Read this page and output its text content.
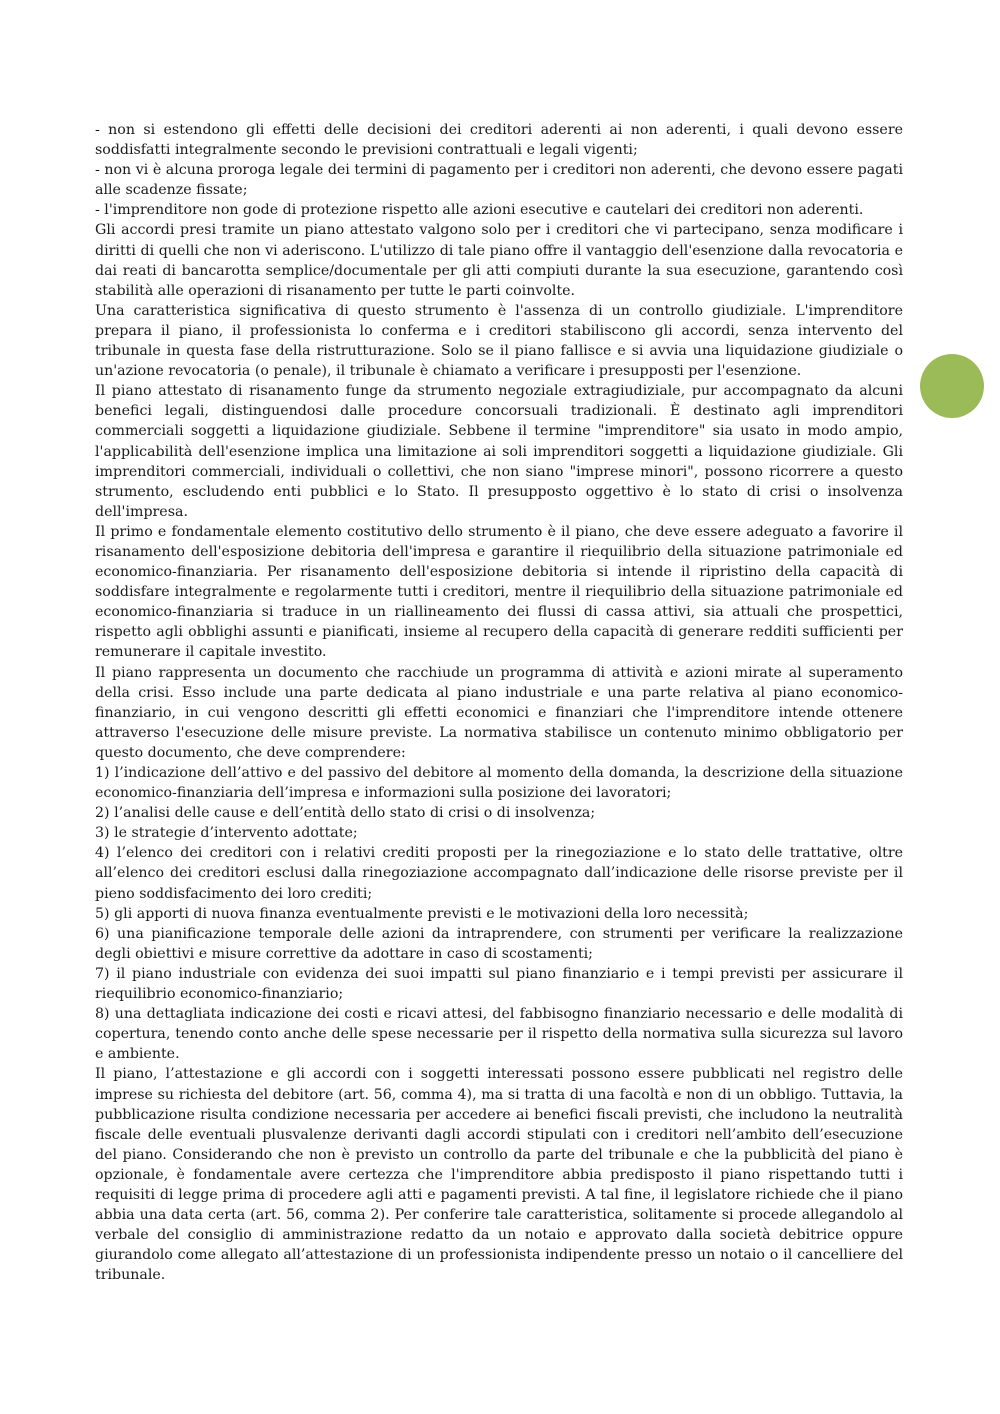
- non si estendono gli effetti delle decisioni dei creditori aderenti ai non aderenti, i quali devono essere soddisfatti integralmente secondo le previsioni contrattuali e legali vigenti;

- non vi è alcuna proroga legale dei termini di pagamento per i creditori non aderenti, che devono essere pagati alle scadenze fissate;

- l'imprenditore non gode di protezione rispetto alle azioni esecutive e cautelari dei creditori non aderenti.

Gli accordi presi tramite un piano attestato valgono solo per i creditori che vi partecipano, senza modificare i diritti di quelli che non vi aderiscono. L'utilizzo di tale piano offre il vantaggio dell'esenzione dalla revocatoria e dai reati di bancarotta semplice/documentale per gli atti compiuti durante la sua esecuzione, garantendo così stabilità alle operazioni di risanamento per tutte le parti coinvolte.

Una caratteristica significativa di questo strumento è l'assenza di un controllo giudiziale. L'imprenditore prepara il piano, il professionista lo conferma e i creditori stabiliscono gli accordi, senza intervento del tribunale in questa fase della ristrutturazione. Solo se il piano fallisce e si avvia una liquidazione giudiziale o un'azione revocatoria (o penale), il tribunale è chiamato a verificare i presupposti per l'esenzione.

Il piano attestato di risanamento funge da strumento negoziale extragiudiziale, pur accompagnato da alcuni benefici legali, distinguendosi dalle procedure concorsuali tradizionali. È destinato agli imprenditori commerciali soggetti a liquidazione giudiziale. Sebbene il termine "imprenditore" sia usato in modo ampio, l'applicabilità dell'esenzione implica una limitazione ai soli imprenditori soggetti a liquidazione giudiziale. Gli imprenditori commerciali, individuali o collettivi, che non siano "imprese minori", possono ricorrere a questo strumento, escludendo enti pubblici e lo Stato. Il presupposto oggettivo è lo stato di crisi o insolvenza dell'impresa.

Il primo e fondamentale elemento costitutivo dello strumento è il piano, che deve essere adeguato a favorire il risanamento dell'esposizione debitoria dell'impresa e garantire il riequilibrio della situazione patrimoniale ed economico-finanziaria. Per risanamento dell'esposizione debitoria si intende il ripristino della capacità di soddisfare integralmente e regolarmente tutti i creditori, mentre il riequilibrio della situazione patrimoniale ed economico-finanziaria si traduce in un riallineamento dei flussi di cassa attivi, sia attuali che prospettici, rispetto agli obblighi assunti e pianificati, insieme al recupero della capacità di generare redditi sufficienti per remunerare il capitale investito.

Il piano rappresenta un documento che racchiude un programma di attività e azioni mirate al superamento della crisi. Esso include una parte dedicata al piano industriale e una parte relativa al piano economico-finanziario, in cui vengono descritti gli effetti economici e finanziari che l'imprenditore intende ottenere attraverso l'esecuzione delle misure previste. La normativa stabilisce un contenuto minimo obbligatorio per questo documento, che deve comprendere:

1) l’indicazione dell’attivo e del passivo del debitore al momento della domanda, la descrizione della situazione economico-finanziaria dell’impresa e informazioni sulla posizione dei lavoratori;

2) l’analisi delle cause e dell’entità dello stato di crisi o di insolvenza;

3) le strategie d’intervento adottate;

4) l’elenco dei creditori con i relativi crediti proposti per la rinegoziazione e lo stato delle trattative, oltre all’elenco dei creditori esclusi dalla rinegoziazione accompagnato dall’indicazione delle risorse previste per il pieno soddisfacimento dei loro crediti;

5) gli apporti di nuova finanza eventualmente previsti e le motivazioni della loro necessità;

6) una pianificazione temporale delle azioni da intraprendere, con strumenti per verificare la realizzazione degli obiettivi e misure correttive da adottare in caso di scostamenti;

7) il piano industriale con evidenza dei suoi impatti sul piano finanziario e i tempi previsti per assicurare il riequilibrio economico-finanziario;

8) una dettagliata indicazione dei costi e ricavi attesi, del fabbisogno finanziario necessario e delle modalità di copertura, tenendo conto anche delle spese necessarie per il rispetto della normativa sulla sicurezza sul lavoro e ambiente.

Il piano, l’attestazione e gli accordi con i soggetti interessati possono essere pubblicati nel registro delle imprese su richiesta del debitore (art. 56, comma 4), ma si tratta di una facoltà e non di un obbligo. Tuttavia, la pubblicazione risulta condizione necessaria per accedere ai benefici fiscali previsti, che includono la neutralità fiscale delle eventuali plusvalenze derivanti dagli accordi stipulati con i creditori nell’ambito dell’esecuzione del piano. Considerando che non è previsto un controllo da parte del tribunale e che la pubblicità del piano è opzionale, è fondamentale avere certezza che l'imprenditore abbia predisposto il piano rispettando tutti i requisiti di legge prima di procedere agli atti e pagamenti previsti. A tal fine, il legislatore richiede che il piano abbia una data certa (art. 56, comma 2). Per conferire tale caratteristica, solitamente si procede allegandolo al verbale del consiglio di amministrazione redatto da un notaio e approvato dalla società debitrice oppure giurandolo come allegato all’attestazione di un professionista indipendente presso un notaio o il cancelliere del tribunale.
